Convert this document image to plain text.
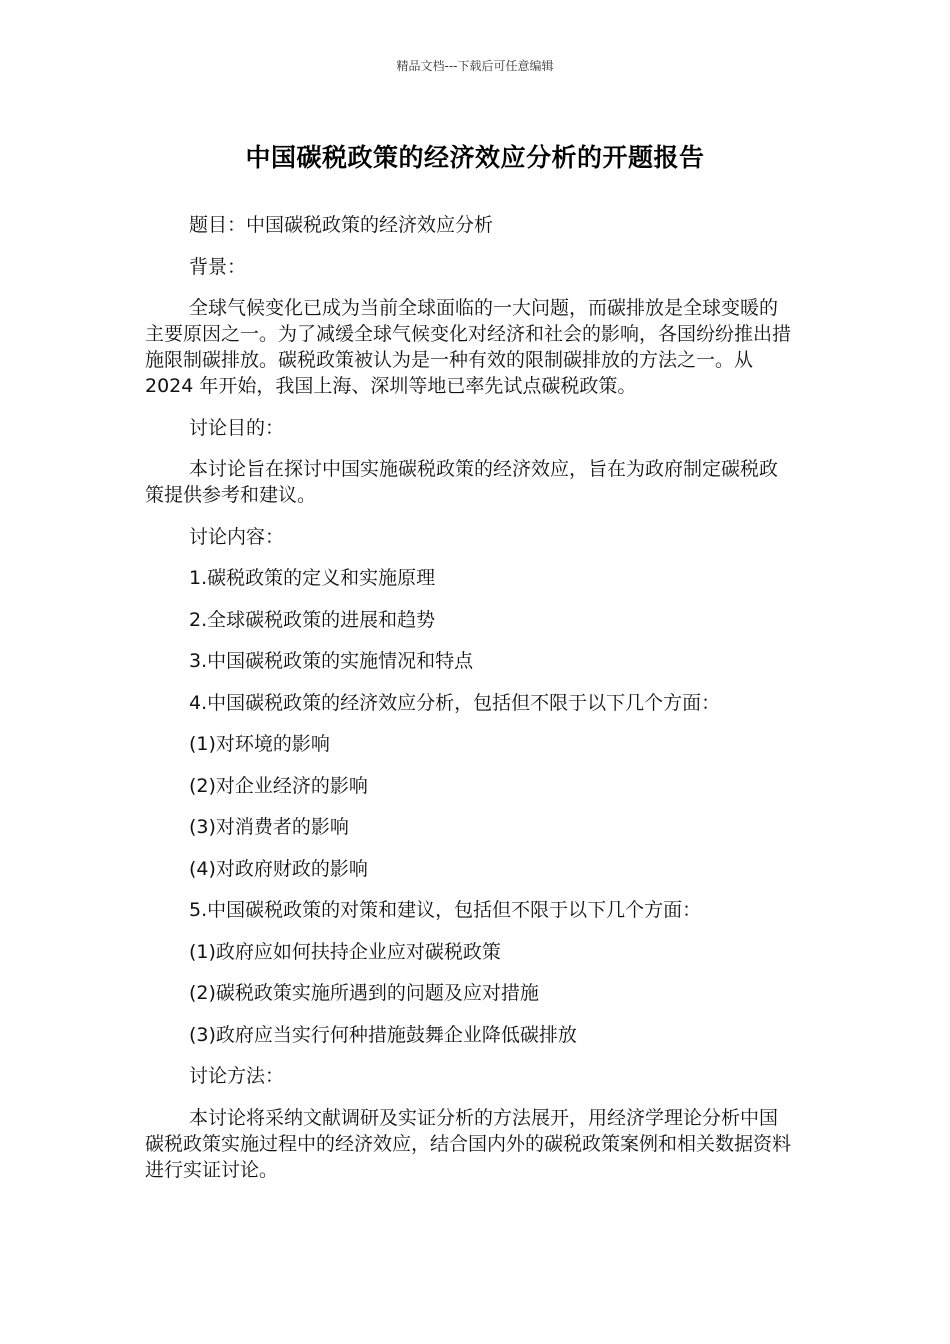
精品文档---下载后可任意编辑
中国碳税政策的经济效应分析的开题报告

题目：中国碳税政策的经济效应分析

背景：

全球气候变化已成为当前全球面临的一大问题，而碳排放是全球变暖的主要原因之一。为了减缓全球气候变化对经济和社会的影响，各国纷纷推出措施限制碳排放。碳税政策被认为是一种有效的限制碳排放的方法之一。从 2024 年开始，我国上海、深圳等地已率先试点碳税政策。

讨论目的：

本讨论旨在探讨中国实施碳税政策的经济效应，旨在为政府制定碳税政策提供参考和建议。

讨论内容：

1.碳税政策的定义和实施原理

2.全球碳税政策的进展和趋势

3.中国碳税政策的实施情况和特点

4.中国碳税政策的经济效应分析，包括但不限于以下几个方面：

(1)对环境的影响

(2)对企业经济的影响

(3)对消费者的影响

(4)对政府财政的影响

5.中国碳税政策的对策和建议，包括但不限于以下几个方面：

(1)政府应如何扶持企业应对碳税政策

(2)碳税政策实施所遇到的问题及应对措施

(3)政府应当实行何种措施鼓舞企业降低碳排放

讨论方法：

本讨论将采纳文献调研及实证分析的方法展开，用经济学理论分析中国碳税政策实施过程中的经济效应，结合国内外的碳税政策案例和相关数据资料进行实证讨论。
